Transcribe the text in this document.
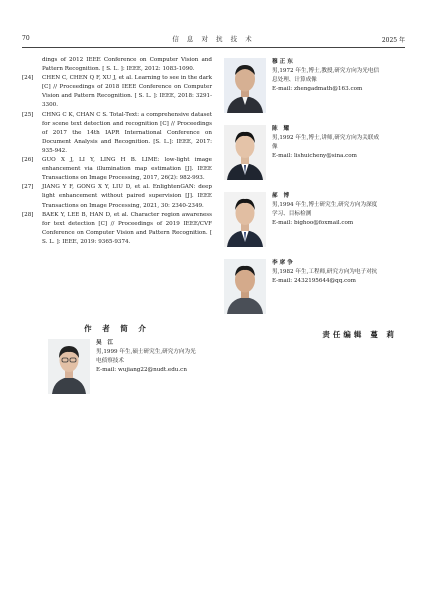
70	信 息 对 抗 技 术	2025 年

dings of 2012 IEEE Conference on Computer Vision and Pattern Recognition. [ S. L. ]: IEEE, 2012: 1083-1090.

[24] CHEN C, CHEN Q F, XU J, et al. Learning to see in the dark [C] // Proceedings of 2018 IEEE Conference on Computer Vision and Pattern Recognition. [ S. L. ]: IEEE, 2018: 3291-3300.

[25] CHNG C K, CHAN C S. Total-Text: a comprehensive dataset for scene text detection and recognition [C] // Proceedings of 2017 the 14th IAPR International Conference on Document Analysis and Recognition. [S. L.]: IEEE, 2017: 935-942.

[26] GUO X J, LI Y, LING H B. LIME: low-light image enhancement via illumination map estimation [J]. IEEE Transactions on Image Processing, 2017, 26(2): 982-993.

[27] JIANG Y F, GONG X Y, LIU D, et al. EnlightenGAN: deep light enhancement without paired supervision [J]. IEEE Transactions on Image Processing, 2021, 30: 2340-2349.

[28] BAEK Y, LEE B, HAN D, et al. Character region awareness for text detection [C] // Proceedings of 2019 IEEE/CVF Conference on Computer Vision and Pattern Recognition. [ S. L. ]: IEEE, 2019: 9365-9374.

作 者 简 介
吴 江
男,1999 年生,硕士研究生,研究方向为光电侦察技术
E-mail: wujiang22@nudt.edu.cn
穆正东
男,1972 年生,博士,教授,研究方向为光电信息处理、计算成像
E-mail: zhengadmath@163.com
陈 耀
男,1992 年生,博士,讲师,研究方向为关联成像
E-mail: lishuicheny@sina.com
郝 博
男,1994 年生,博士研究生,研究方向为深度学习、目标检测
E-mail: bighoo@foxmail.com
李席争
男,1982 年生,工程师,研究方向为电子对抗
E-mail: 2432195644@qq.com
责任编辑 蔓 莉
